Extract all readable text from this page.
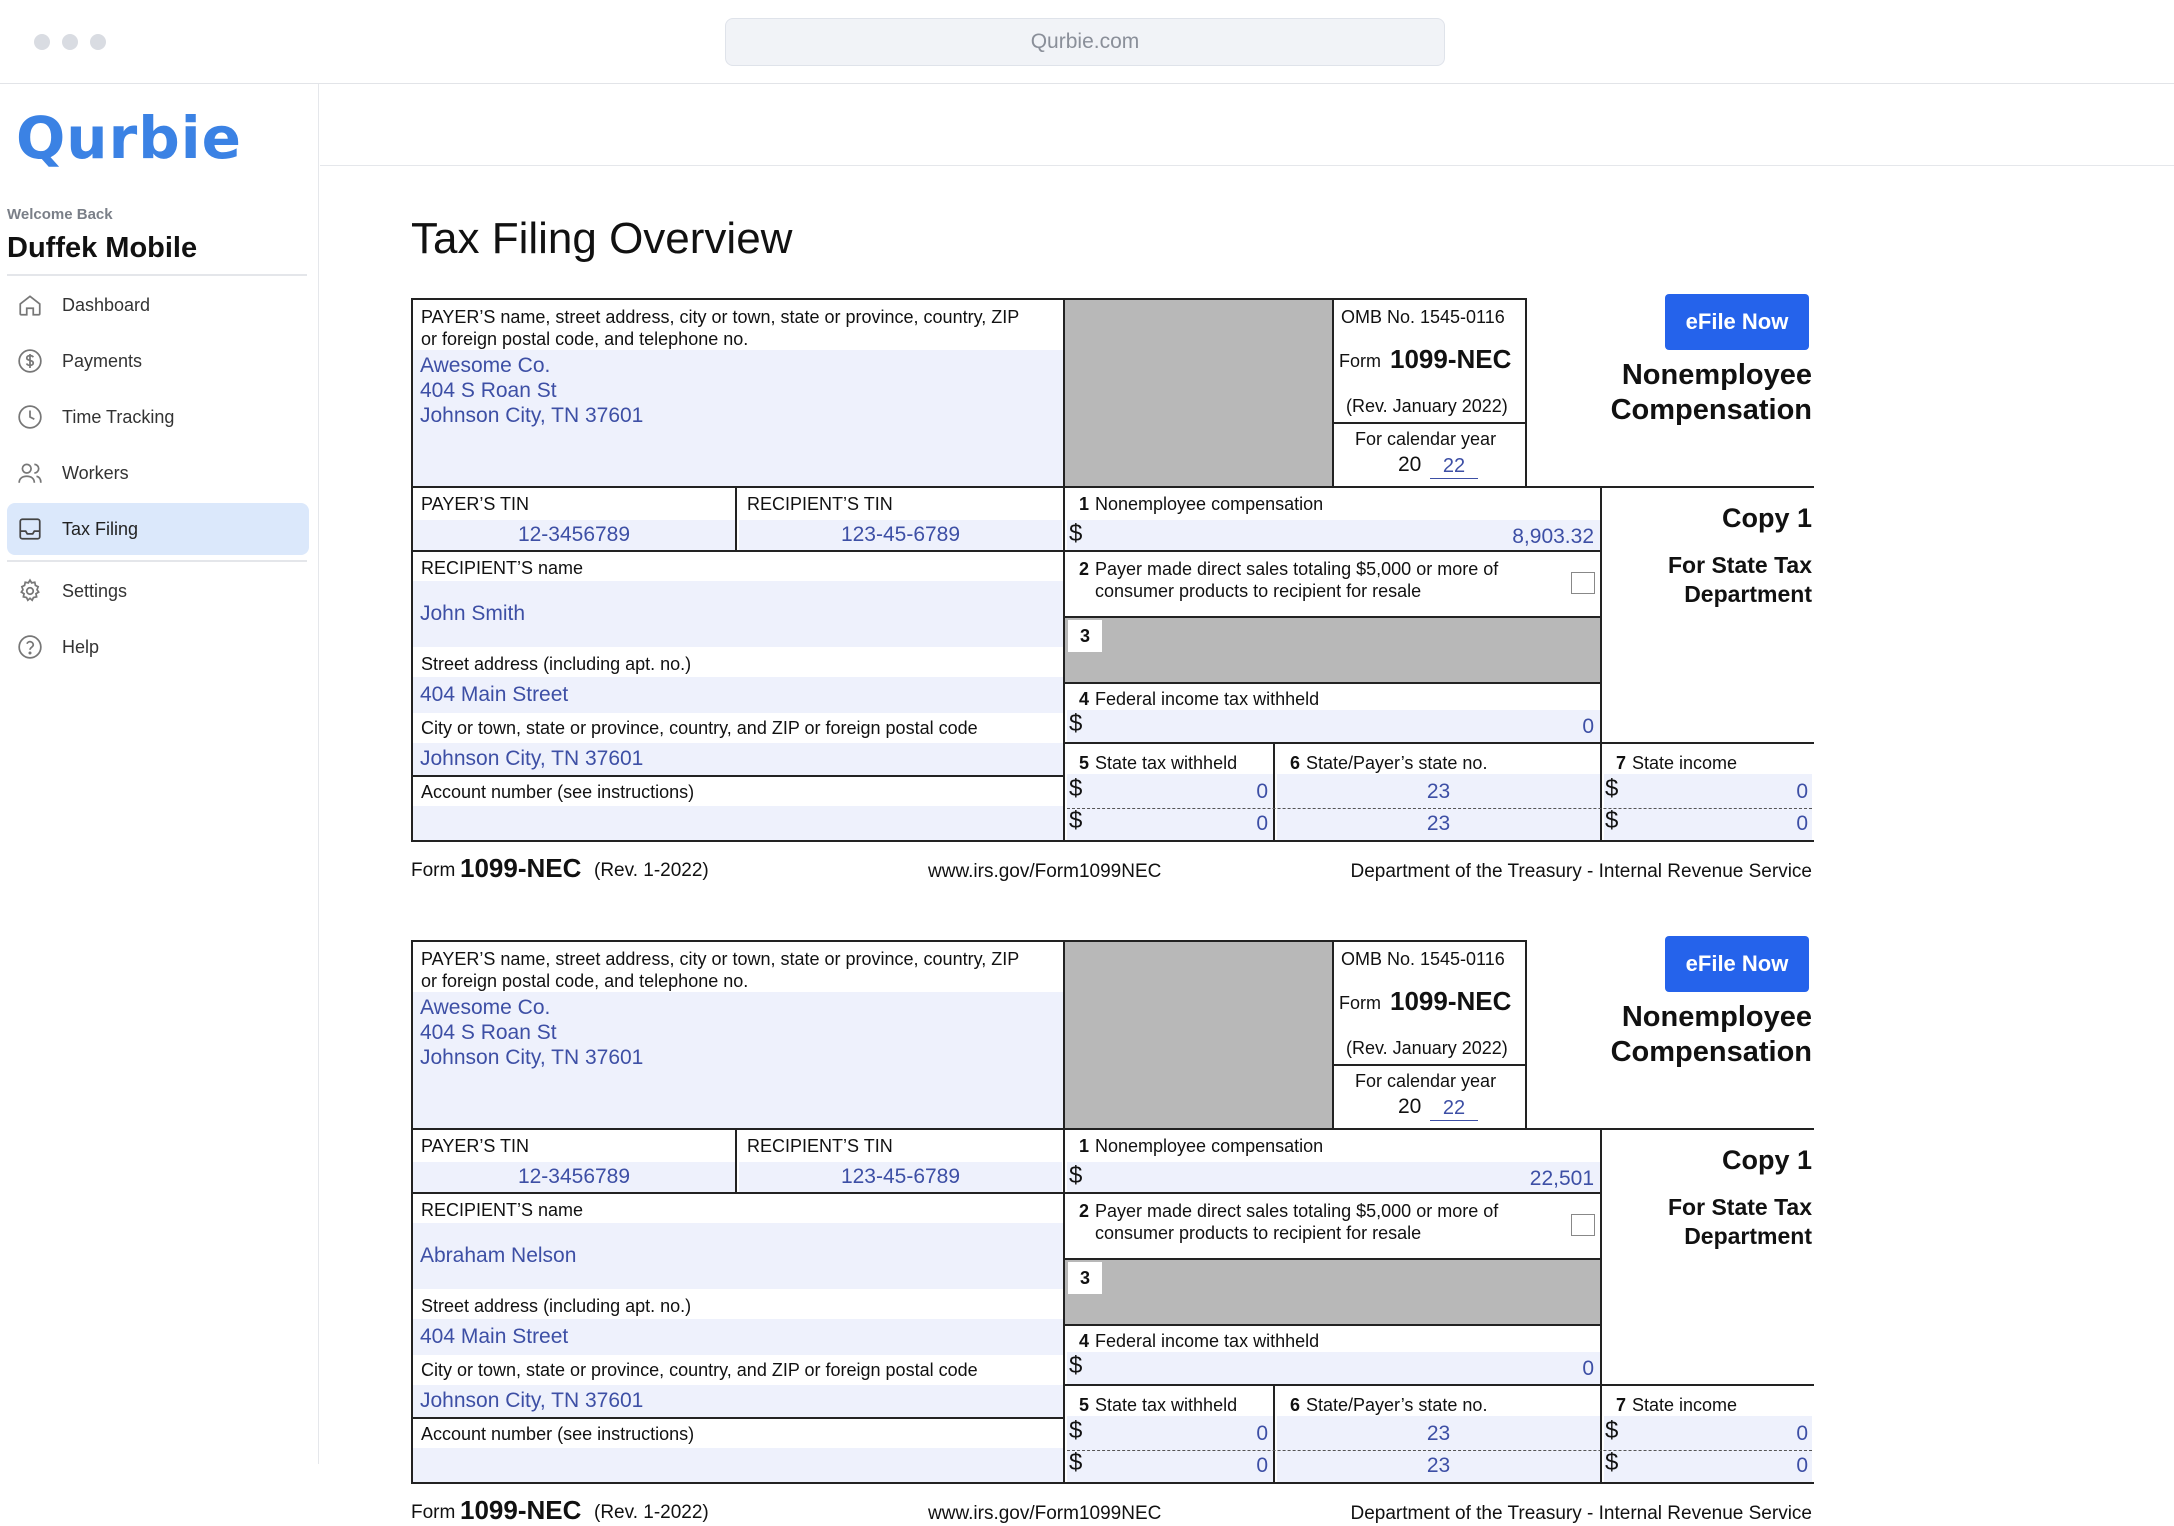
Qurbie.com
Qurbie
Welcome Back
Duffek Mobile
Dashboard
Payments
Time Tracking
Workers
Tax Filing
Settings
Help
Tax Filing Overview
PAYER’S name, street address, city or town, state or province, country, ZIP
or foreign postal code, and telephone no.
Awesome Co.
404 S Roan St
Johnson City, TN 37601
OMB No. 1545-0116
Form 1099-NEC
(Rev. January 2022)
For calendar year
20	22
eFile Now
Nonemployee
Compensation
Copy 1
For State Tax
Department
PAYER’S TIN
12-3456789
RECIPIENT’S TIN
123-45-6789
1 Nonemployee compensation
$	8,903.32
2 Payer made direct sales totaling $5,000 or more of
consumer products to recipient for resale
3
4 Federal income tax withheld
$	0
5 State tax withheld
$	0
$	0
6 State/Payer’s state no.
23
23
7 State income
$	0
$	0
RECIPIENT’S name
John Smith
Street address (including apt. no.)
404 Main Street
City or town, state or province, country, and ZIP or foreign postal code
Johnson City, TN 37601
Account number (see instructions)
Form 1099-NEC (Rev. 1-2022)	www.irs.gov/Form1099NEC	Department of the Treasury - Internal Revenue Service
PAYER’S name, street address, city or town, state or province, country, ZIP
or foreign postal code, and telephone no.
Awesome Co.
404 S Roan St
Johnson City, TN 37601
OMB No. 1545-0116
Form 1099-NEC
(Rev. January 2022)
For calendar year
20	22
eFile Now
Nonemployee
Compensation
Copy 1
For State Tax
Department
PAYER’S TIN
12-3456789
RECIPIENT’S TIN
123-45-6789
1 Nonemployee compensation
$	22,501
2 Payer made direct sales totaling $5,000 or more of
consumer products to recipient for resale
3
4 Federal income tax withheld
$	0
5 State tax withheld
$	0
$	0
6 State/Payer’s state no.
23
23
7 State income
$	0
$	0
RECIPIENT’S name
Abraham Nelson
Street address (including apt. no.)
404 Main Street
City or town, state or province, country, and ZIP or foreign postal code
Johnson City, TN 37601
Account number (see instructions)
Form 1099-NEC (Rev. 1-2022)	www.irs.gov/Form1099NEC	Department of the Treasury - Internal Revenue Service
